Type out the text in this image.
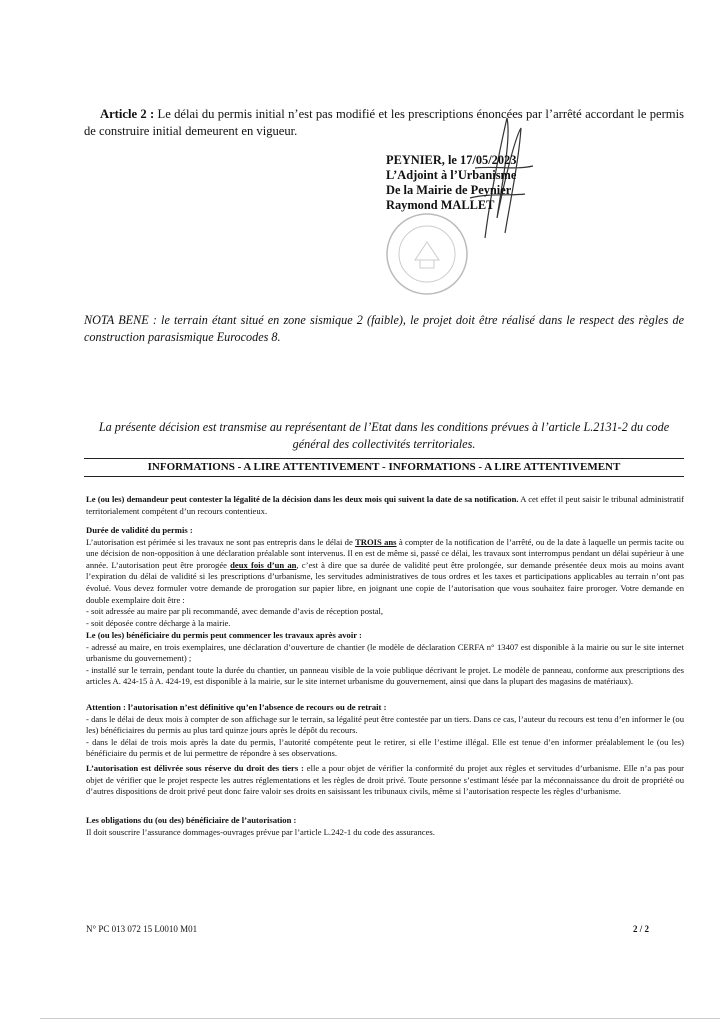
Article 2 : Le délai du permis initial n’est pas modifié et les prescriptions énoncées par l’arrêté accordant le permis de construire initial demeurent en vigueur.
PEYNIER, le 17/05/2023
L’Adjoint à l’Urbanisme
De la Mairie de Peynier
Raymond MALLET
NOTA BENE : le terrain étant situé en zone sismique 2 (faible), le projet doit être réalisé dans le respect des règles de construction parasismique Eurocodes 8.
La présente décision est transmise au représentant de l’Etat dans les conditions prévues à l’article L.2131-2 du code général des collectivités territoriales.
INFORMATIONS - A LIRE ATTENTIVEMENT - INFORMATIONS - A LIRE ATTENTIVEMENT
Le (ou les) demandeur peut contester la légalité de la décision dans les deux mois qui suivent la date de sa notification. A cet effet il peut saisir le tribunal administratif territorialement compétent d’un recours contentieux.

Durée de validité du permis :

L’autorisation est périmée si les travaux ne sont pas entrepris dans le délai de TROIS ans à compter de la notification de l’arrêté, ou de la date à laquelle un permis tacite ou une décision de non-opposition à une déclaration préalable sont intervenus. Il en est de même si, passé ce délai, les travaux sont interrompus pendant un délai supérieur à une année. L’autorisation peut être prorogée deux fois d’un an, c’est à dire que sa durée de validité peut être prolongée, sur demande présentée deux mois au moins avant l’expiration du délai de validité si les prescriptions d’urbanisme, les servitudes administratives de tous ordres et les taxes et participations applicables au terrain n’ont pas évolué. Vous devez formuler votre demande de prorogation sur papier libre, en joignant une copie de l’autorisation que vous souhaitez faire proroger. Votre demande en double exemplaire doit être :

- soit adressée au maire par pli recommandé, avec demande d’avis de réception postal,

- soit déposée contre décharge à la mairie.

Le (ou les) bénéficiaire du permis peut commencer les travaux après avoir :

- adressé au maire, en trois exemplaires, une déclaration d’ouverture de chantier (le modèle de déclaration CERFA n° 13407 est disponible à la mairie ou sur le site internet urbanisme du gouvernement) ;

- installé sur le terrain, pendant toute la durée du chantier, un panneau visible de la voie publique décrivant le projet. Le modèle de panneau, conforme aux prescriptions des articles A. 424-15 à A. 424-19, est disponible à la mairie, sur le site internet urbanisme du gouvernement, ainsi que dans la plupart des magasins de matériaux).

Attention : l’autorisation n’est définitive qu’en l’absence de recours ou de retrait :

- dans le délai de deux mois à compter de son affichage sur le terrain, sa légalité peut être contestée par un tiers. Dans ce cas, l’auteur du recours est tenu d’en informer le (ou les) bénéficiaires du permis au plus tard quinze jours après le dépôt du recours.

- dans le délai de trois mois après la date du permis, l’autorité compétente peut le retirer, si elle l’estime illégal. Elle est tenue d’en informer préalablement le (ou les) bénéficiaire du permis et de lui permettre de répondre à ses observations.

L’autorisation est délivrée sous réserve du droit des tiers : elle a pour objet de vérifier la conformité du projet aux règles et servitudes d’urbanisme. Elle n’a pas pour objet de vérifier que le projet respecte les autres réglementations et les règles de droit privé. Toute personne s’estimant lésée par la méconnaissance du droit de propriété ou d’autres dispositions de droit privé peut donc faire valoir ses droits en saisissant les tribunaux civils, même si l’autorisation respecte les règles d’urbanisme.

Les obligations du (ou des) bénéficiaire de l’autorisation :

Il doit souscrire l’assurance dommages-ouvrages prévue par l’article L.242-1 du code des assurances.

N° PC 013 072 15 L0010 M01	2 / 2
